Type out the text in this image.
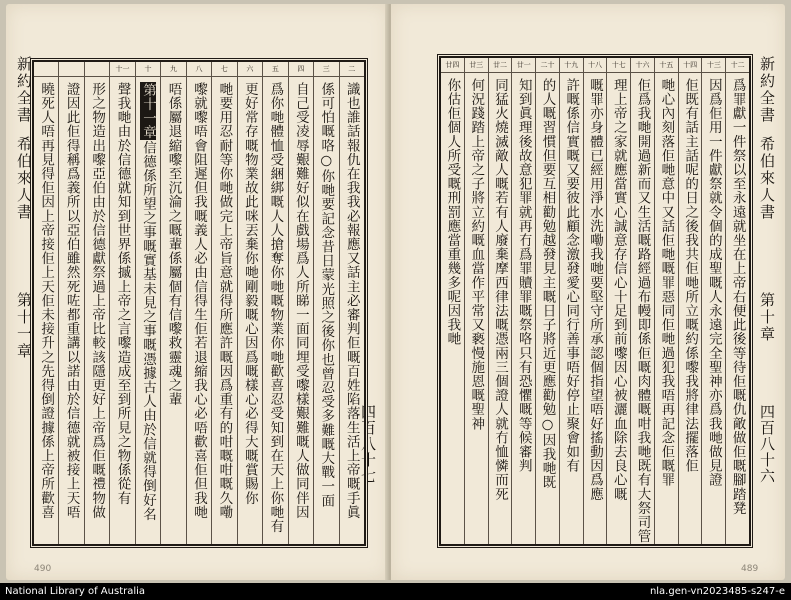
新約全書
希伯來人書
第十一章
四百八十七
490
二
識也誰話報仇在我我必報應又話主必審判佢嘅百姓陷落生活上帝嘅手眞
三
係可怕嘅咯○你哋要記念昔日蒙光照之後你也曾忍受多難嘅大戰一面
四
自己受凌辱艱難好似在戲場爲人所睇一面同埋受嚟樣艱難嘅人做同伴因
五
爲你哋體恤受綑綁嘅人人搶奪你哋嘅物業你哋歡喜忍受知到在天上你哋有
六
更好常存嘅物業故此咪丟棄你哋剛毅嘅心因爲嘅樣心必得大嘅賞賜你
七
哋要用忍耐等你哋做完上帝旨意就得所應許嘅因爲重有的咁嘅咁嘅久嘞
八
嚟就嚟唔會阻遲但我嘅義人必由信得生佢若退縮我心必唔歡喜佢但我哋
九
唔係屬退縮嚟至沉淪之嘅輩係屬個有信嚟救靈魂之輩
十
第十一章信德係所望之事嘅實基未見之事嘅憑據古人由於信就得倒好名
十一
聲我哋由於信德就知到世界係摵上帝之言嚟造成至到所見之物係從有
形之物造出嚟亞伯由於信德獻祭過上帝比較該隱更好上帝爲佢嘅禮物做
證因此佢得稱爲義所以亞伯雖然死咗都重講以諾由於信德就被接上天唔
曉死人唔再見得佢因上帝接佢上天佢未接升之先得倒證據係上帝所歡喜	新約全書
希伯來人書
第十章
四百八十六
489
十二
爲罪獻一件祭以至永遠就坐在上帝右便此後等待佢嘅仇敵做佢嘅腳踏凳
十三
因爲佢用一件獻祭就令個的成聖嘅人永遠完全聖神亦爲我哋做見證
十四
佢既有話主話呢的日之後我共佢哋所立嘅約係嚟我將律法擺落佢
十五
哋心內刻落佢哋意中又話佢哋嘅罪惡同佢哋過犯我唔再記念佢嘅罪
十六
佢爲我哋開過新而又生活嘅路經過布幔即係佢嘅肉體嘅咁我哋既有大祭司管
十七
理上帝之家就應當實心誠意存信心十足到前嚟因心被灑血除去良心嘅
十八
嘅罪亦身體已經用淨水洗嘞我哋要堅守所承認個指望唔好搖動因爲應
十九
許嘅係信實嘅又要彼此顧念激發愛心同行善事唔好停止聚會如有
二十
的人嘅習慣但要互相勸勉越發見主嘅日子將近更應勸勉○因我哋既
廿一
知到眞理後故意犯罪就再冇爲罪贖罪嘅祭咯只有恐懼嘅等候審判
廿二
同猛火燒滅敵人嘅若有人廢棄摩西律法嘅憑兩三個證人就冇恤憐而死
廿三
何況踐踏上帝之子將立約嘅血當作平常又褻慢施恩嘅聖神
廿四
你估佢個人所受嘅刑罰應當重幾多呢因我哋
National Library of Australia	nla.gen-vn2023485-s247-e
